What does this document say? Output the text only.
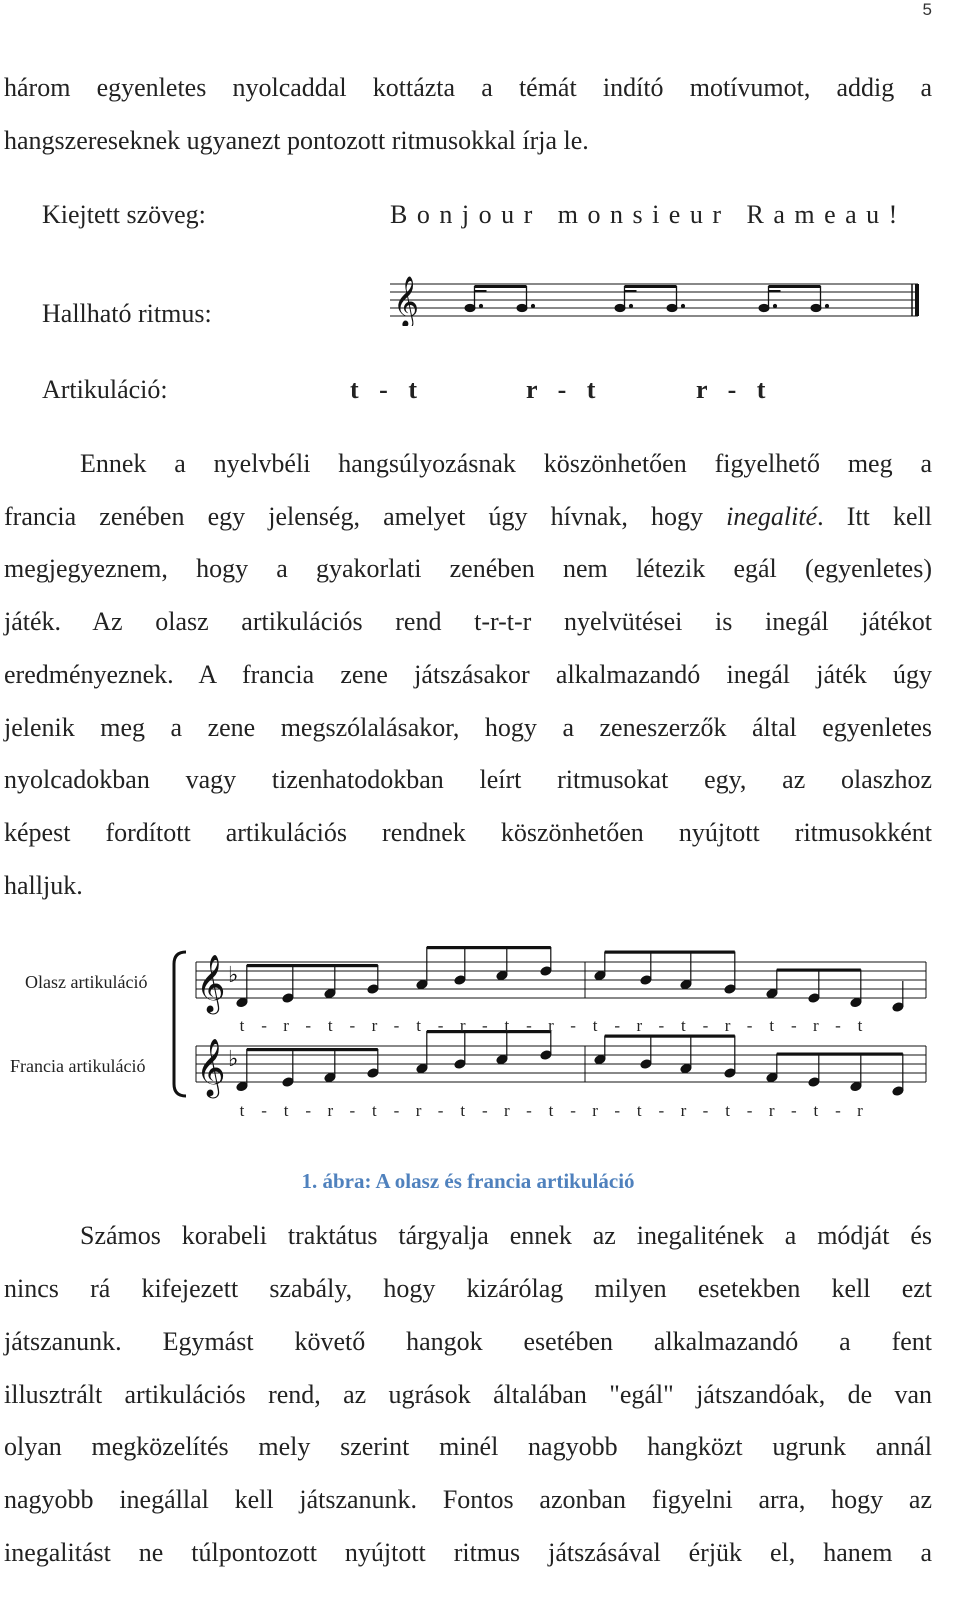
5
három egyenletes nyolcaddal kottázta a témát indító motívumot, addig a
hangszereseknek ugyanezt pontozott ritmusokkal írja le.
Kiejtett szöveg:	Bonjour monsieur Rameau!
Hallható ritmus:	𝄞
Artikuláció:	t - t	r - t	r - t
Ennek a nyelvbéli hangsúlyozásnak köszönhetően figyelhető meg a
francia zenében egy jelenség, amelyet úgy hívnak, hogy inegalité. Itt kell
megjegyeznem, hogy a gyakorlati zenében nem létezik egál (egyenletes)
játék. Az olasz artikulációs rend t-r-t-r nyelvütései is inegál játékot
eredményeznek. A francia zene játszásakor alkalmazandó inegál játék úgy
jelenik meg a zene megszólalásakor, hogy a zeneszerzők által egyenletes
nyolcadokban vagy tizenhatodokban leírt ritmusokat egy, az olaszhoz
képest fordított artikulációs rendnek köszönhetően nyújtott ritmusokként
halljuk.
Olasz artikuláció
Francia artikuláció
𝄞 ♭
𝄞 ♭
t - r - t - r - t - r - t - r - t - r - t - r - t - r - t
t - t - r - t - r - t - r - t - r - t - r - t - r - t - r
1. ábra: A olasz és francia artikuláció
Számos korabeli traktátus tárgyalja ennek az inegalitének a módját és
nincs rá kifejezett szabály, hogy kizárólag milyen esetekben kell ezt
játszanunk. Egymást követő hangok esetében alkalmazandó a fent
illusztrált artikulációs rend, az ugrások általában "egál" játszandóak, de van
olyan megközelítés mely szerint minél nagyobb hangközt ugrunk annál
nagyobb inegállal kell játszanunk. Fontos azonban figyelni arra, hogy az
inegalitást ne túlpontozott nyújtott ritmus játszásával érjük el, hanem a
